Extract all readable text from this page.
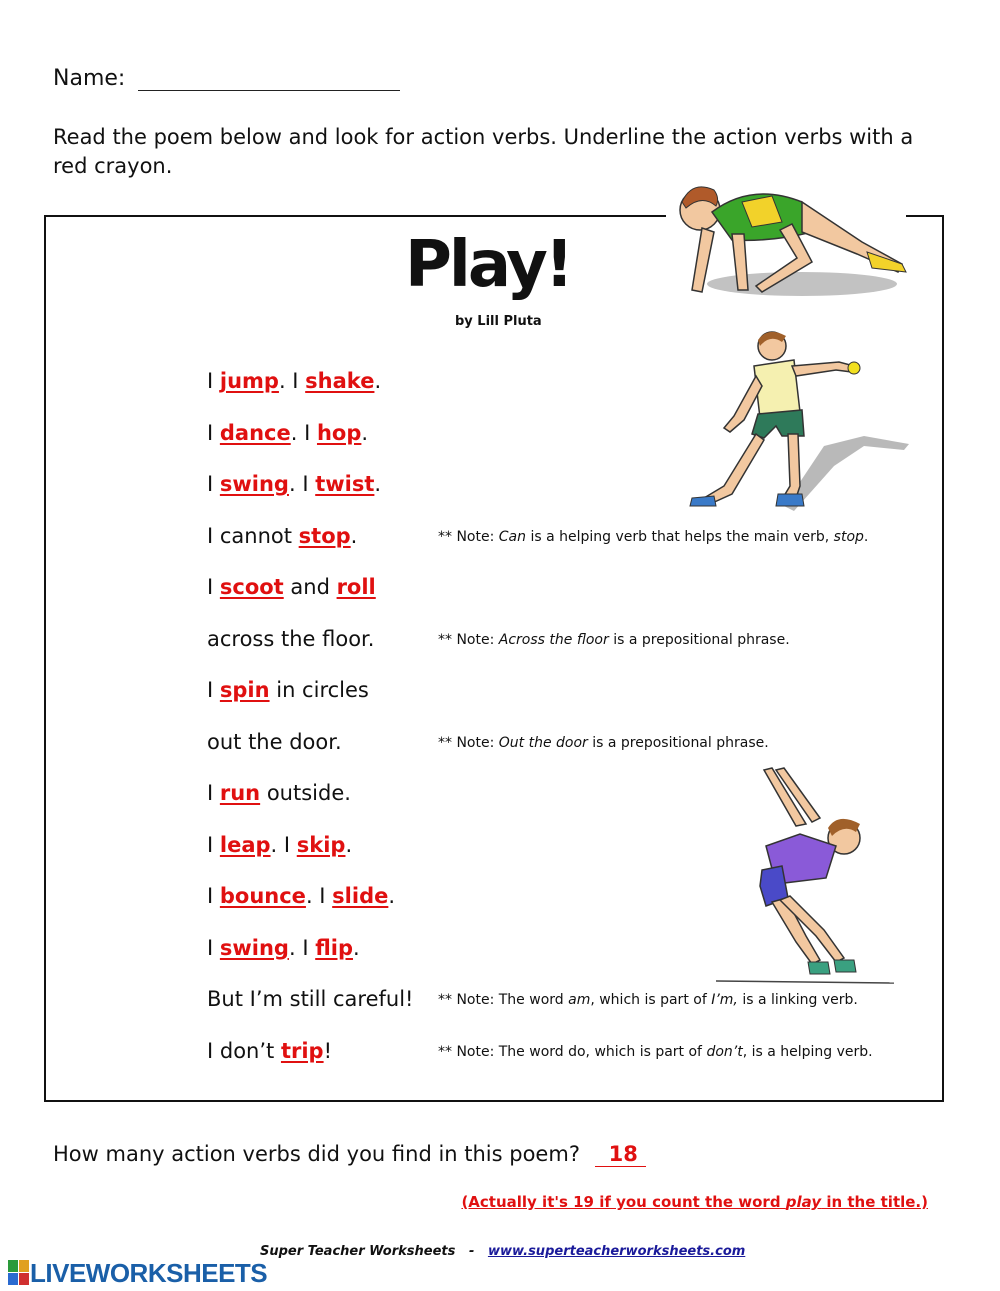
Name:
Read the poem below and look for action verbs. Underline the action verbs with a red crayon.
Play!
by Lill Pluta
I jump. I shake.
I dance. I hop.
I swing. I twist.
I cannot stop.
I scoot and roll
across the floor.
I spin in circles
out the door.
I run outside.
I leap. I skip.
I bounce. I slide.
I swing. I flip.
But I’m still careful!
I don’t trip!
** Note: Can is a helping verb that helps the main verb, stop.
** Note: Across the floor is a prepositional phrase.
** Note: Out the door is a prepositional phrase.
** Note: The word am, which is part of I’m, is a linking verb.
** Note: The word do, which is part of don’t, is a helping verb.
How many action verbs did you find in this poem? 18
(Actually it's 19 if you count the word play in the title.)
Super Teacher Worksheets - www.superteacherworksheets.com
LIVEWORKSHEETS
